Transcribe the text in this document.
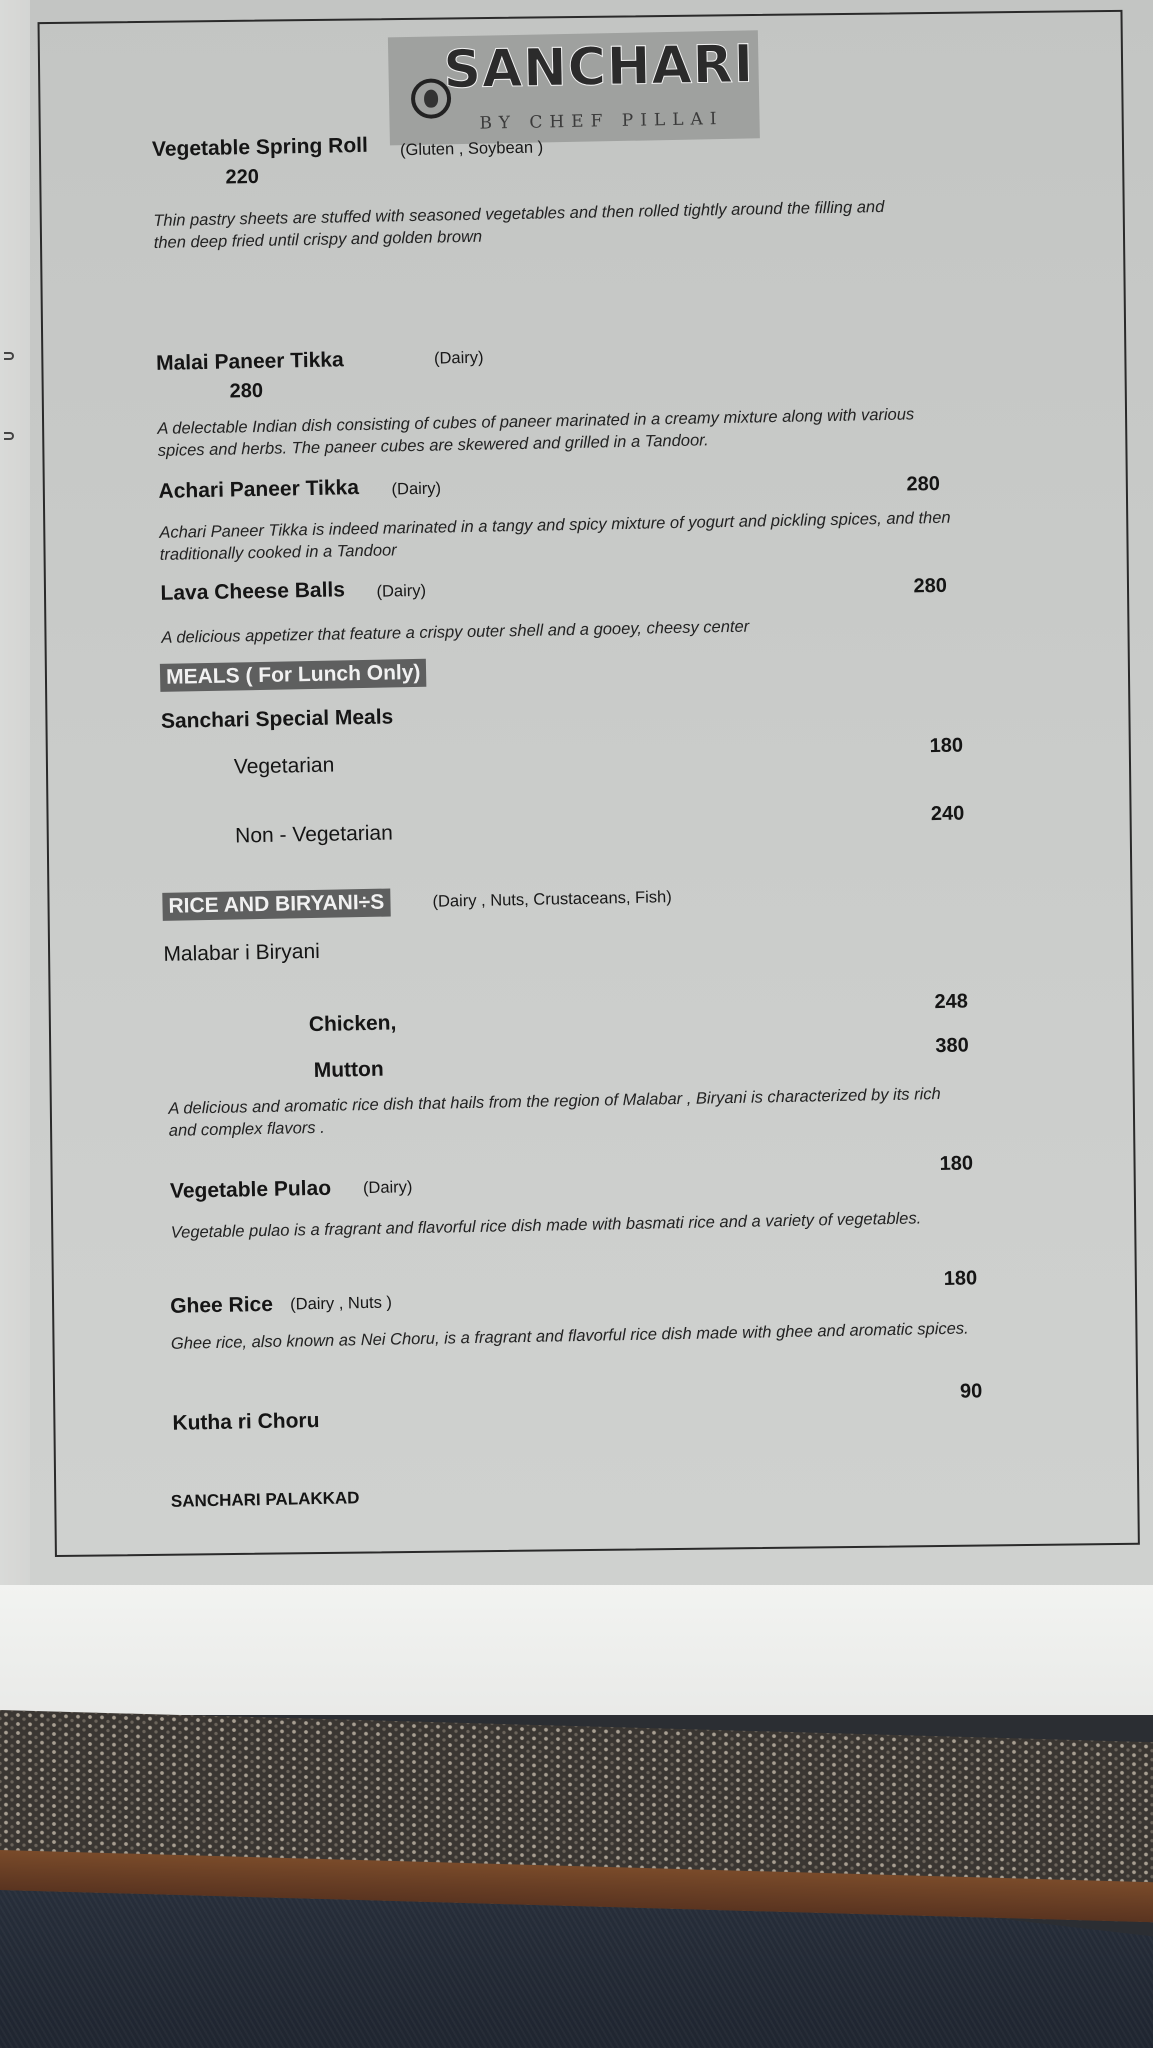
SANCHARI
BY CHEF PILLAI
Vegetable Spring Roll (Gluten , Soybean )
220
Thin pastry sheets are stuffed with seasoned vegetables and then rolled tightly around the filling and then deep fried until crispy and golden brown
Malai Paneer Tikka	(Dairy)
280
A delectable Indian dish consisting of cubes of paneer marinated in a creamy mixture along with various spices and herbs. The paneer cubes are skewered and grilled in a Tandoor.
Achari Paneer Tikka (Dairy)	280
Achari Paneer Tikka is indeed marinated in a tangy and spicy mixture of yogurt and pickling spices, and then traditionally cooked in a Tandoor
Lava Cheese Balls (Dairy)	280
A delicious appetizer that feature a crispy outer shell and a gooey, cheesy center
MEALS ( For Lunch Only)
Sanchari Special Meals
Vegetarian
180
Non - Vegetarian
240
RICE AND BIRYANI÷S	(Dairy , Nuts, Crustaceans, Fish)
Malabar i Biryani
Chicken,
248
Mutton
380
A delicious and aromatic rice dish that hails from the region of Malabar , Biryani is characterized by its rich and complex flavors .
Vegetable Pulao (Dairy)
180
Vegetable pulao is a fragrant and flavorful rice dish made with basmati rice and a variety of vegetables.
Ghee Rice (Dairy , Nuts )
180
Ghee rice, also known as Nei Choru, is a fragrant and flavorful rice dish made with ghee and aromatic spices.
Kutha ri Choru
90
SANCHARI PALAKKAD
